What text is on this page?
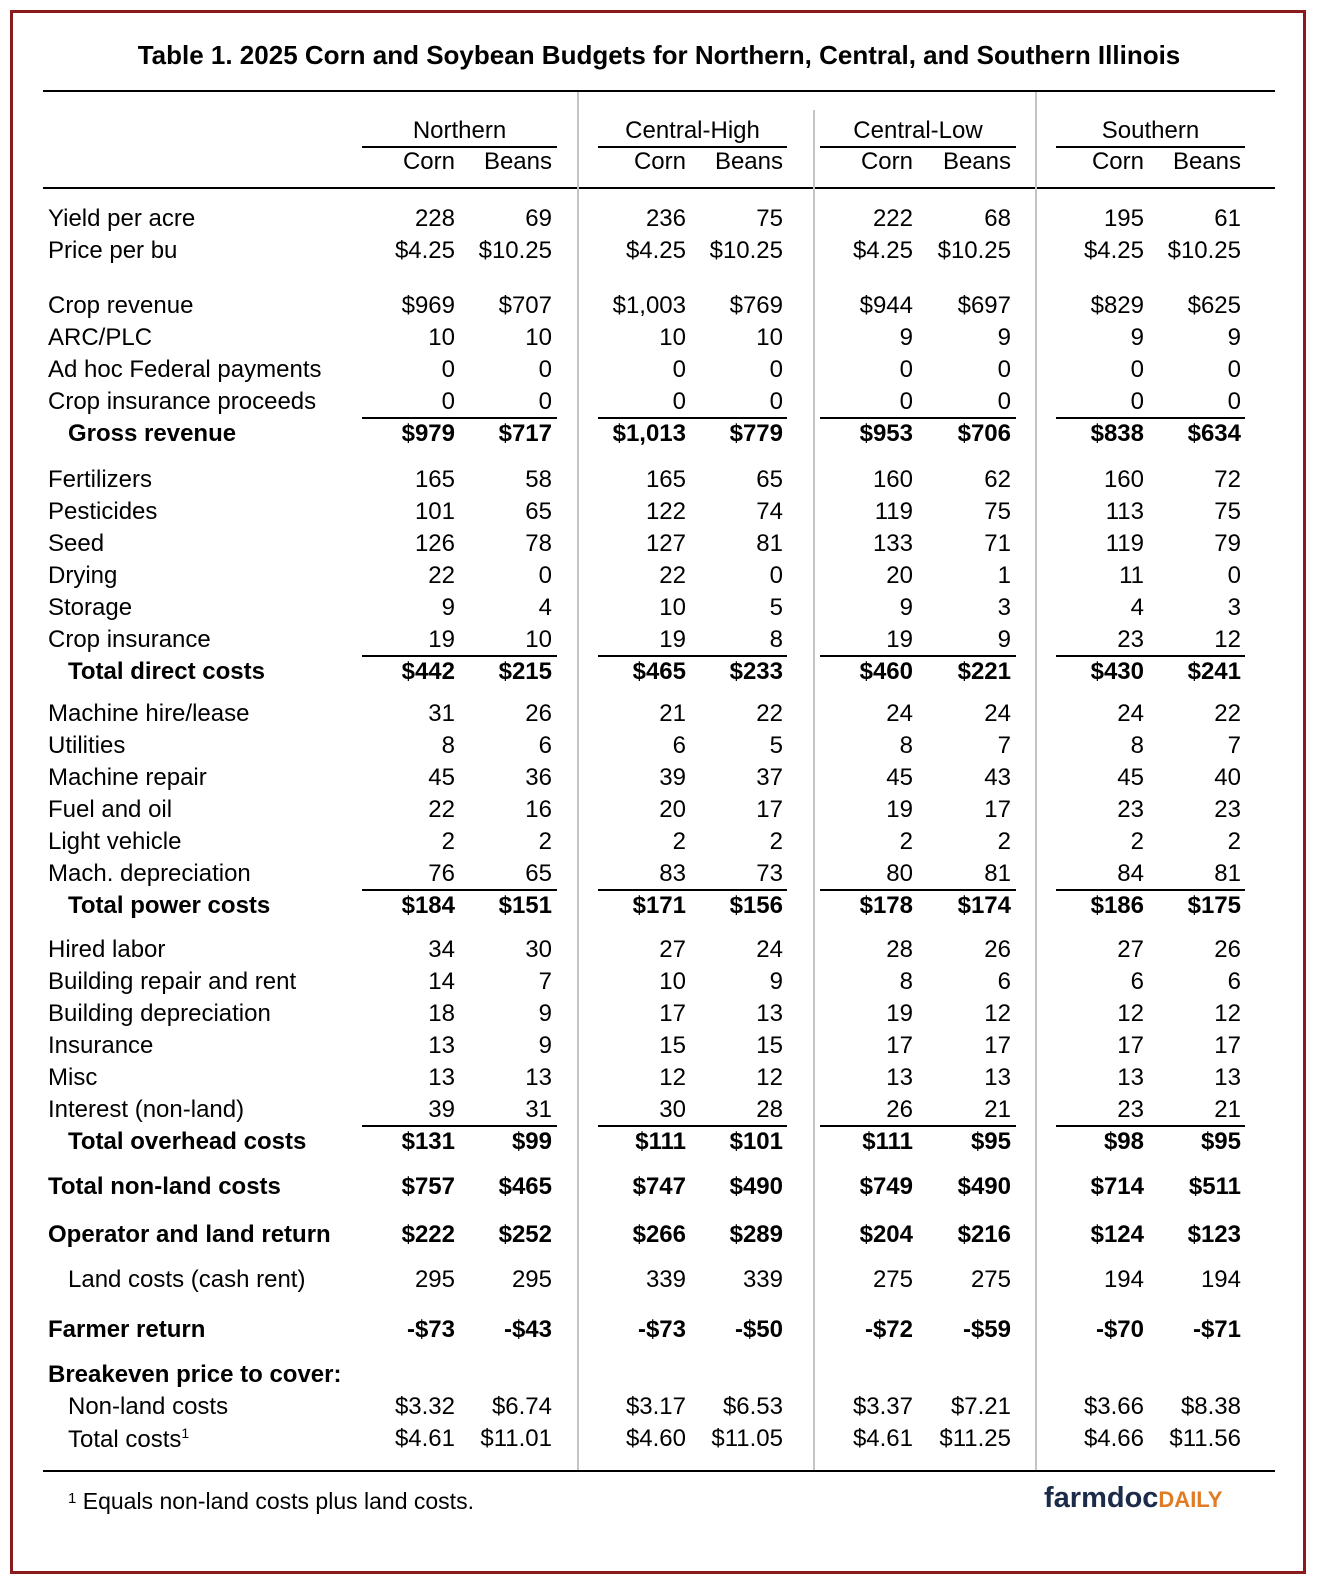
Table 1. 2025 Corn and Soybean Budgets for Northern, Central, and Southern Illinois
Northern
Corn	Beans
Central-High
Corn	Beans
Central-Low
Corn	Beans
Southern
Corn	Beans
Yield per acre	228	69	236	75	222	68	195	61
Price per bu	$4.25 $10.25	$4.25 $10.25	$4.25	$10.25	$4.25 $10.25
Crop revenue	$969	$707	$1,003	$769	$944	$697	$829	$625
ARC/PLC	10	10	10	10	9	9	9	9
Ad hoc Federal payments	0	0	0	0	0	0	0	0
Crop insurance proceeds	0	0	0	0	0	0	0	0
Gross revenue	$979	$717	$1,013	$779	$953	$706	$838	$634
Fertilizers	165	58	165	65	160	62	160	72
Pesticides	101	65	122	74	119	75	113	75
Seed	126	78	127	81	133	71	119	79
Drying	22	0	22	0	20	1	11	0
Storage	9	4	10	5	9	3	4	3
Crop insurance	19	10	19	8	19	9	23	12
Total direct costs	$442	$215	$465	$233	$460	$221	$430	$241
Machine hire/lease	31	26	21	22	24	24	24	22
Utilities	8	6	6	5	8	7	8	7
Machine repair	45	36	39	37	45	43	45	40
Fuel and oil	22	16	20	17	19	17	23	23
Light vehicle	2	2	2	2	2	2	2	2
Mach. depreciation	76	65	83	73	80	81	84	81
Total power costs	$184	$151	$171	$156	$178	$174	$186	$175
Hired labor	34	30	27	24	28	26	27	26
Building repair and rent	14	7	10	9	8	6	6	6
Building depreciation	18	9	17	13	19	12	12	12
Insurance	13	9	15	15	17	17	17	17
Misc	13	13	12	12	13	13	13	13
Interest (non-land)	39	31	30	28	26	21	23	21
Total overhead costs	$131	$99	$111	$101	$111	$95	$98	$95
Total non-land costs	$757	$465	$747	$490	$749	$490	$714	$511
Operator and land return	$222	$252	$266	$289	$204	$216	$124	$123
Land costs (cash rent)	295	295	339	339	275	275	194	194
Farmer return	-$73	-$43	-$73	-$50	-$72	-$59	-$70	-$71
Breakeven price to cover:
Non-land costs	$3.32	$6.74	$3.17	$6.53	$3.37	$7.21	$3.66	$8.38
Total costs$^1$	$4.61	$11.01	$4.60	$11.05	$4.61	$11.25	$4.66	$11.56
$^1$ Equals non-land costs plus land costs.	farmdocDAILY
